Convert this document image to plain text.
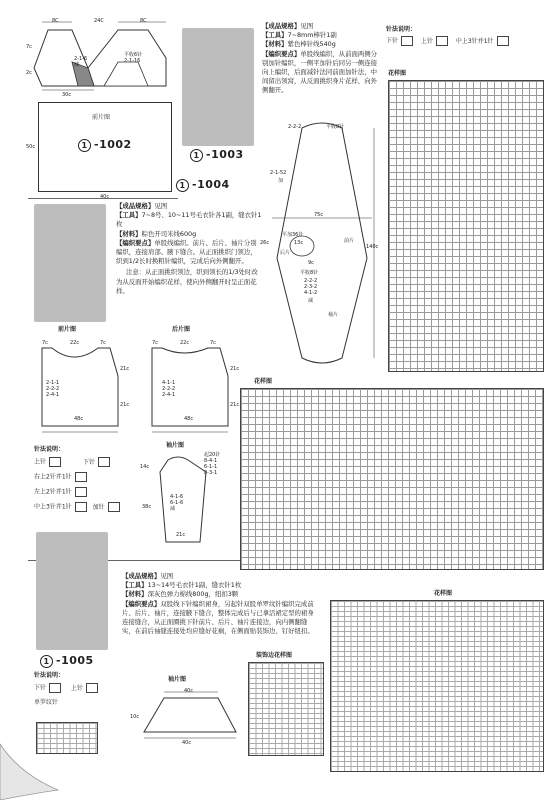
8C	24C	8C
7c
2c
30c
2-1-6
减
平收6针
2-1-16
前片图
50c
40c
1 -1002
1 -1003
【成品规格】见图
【工具】7~8mm棒针1副
【材料】紫色棒针线540g
【编织要点】单股线编织，从前面两侧分别加针编织，一侧平加针后同另一侧连接向上编织，后面减针法同前面加针法，中间留出领窝，从反面挑织身片花样，向外侧翻开。
2-2-2	平收8针
2-1-52
加
75c
26c
平加36针
13c
后片
9c
平收8针
2-2-2
2-3-2
4-1-2
减
前片
袖片
140c
针法说明：
下针	上针	中上3针并1针
花样图
1 -1004
【成品规格】见图
【工具】7~8号、10~11号毛衣针各1副，缝衣针1枚
【材料】粽色开司米线600g
【编织要点】单股线编织。前片、后片、袖片分别编织，连接肩部、腋下缝合。从正面挑织门领边，织到1/2长时换粗针编织，完成后向外侧翻开。
注意：从正面挑织领边，织到领长的1/3处时改为从反面开始编织花样，使向外侧翻开时呈正面花样。
前片图	后片图
7c	22c	7c
21c
2-1-1
2-2-2
2-4-1
21c
48c
7c	22c	7c
21c
4-1-1
2-2-2
2-4-1
21c
48c
针法说明：
上针	下针
右上2针并1针
左上2针并1针
中上3针并1针	加针
袖片图
起20针
8-4-1
6-1-1
8-3-1
14c
4-1-6
6-1-6
减
38c
21c
花样图
1 -1005
【成品规格】见图
【工具】13~14号毛衣针1副，缝衣针1枚
【材料】深灰色弹力棉线800g，纽扣3颗
【编织要点】双股线下针编织裙身，另起针双股单罗纹针编织完成前片、后片、袖片，连接腋下缝合，整体完成后与已拿活裙定型的裙身连接缝合，从正面圈挑下针前片、后片、袖片连接边，向内侧翻缝实，在前后袖缝连接处均应缝好花裥，在侧面贴装饰边、钉好纽扣。
针法说明：
下针	上针
单罗纹针
袖片图
40c
10c
40c
装饰边花样图
花样图
